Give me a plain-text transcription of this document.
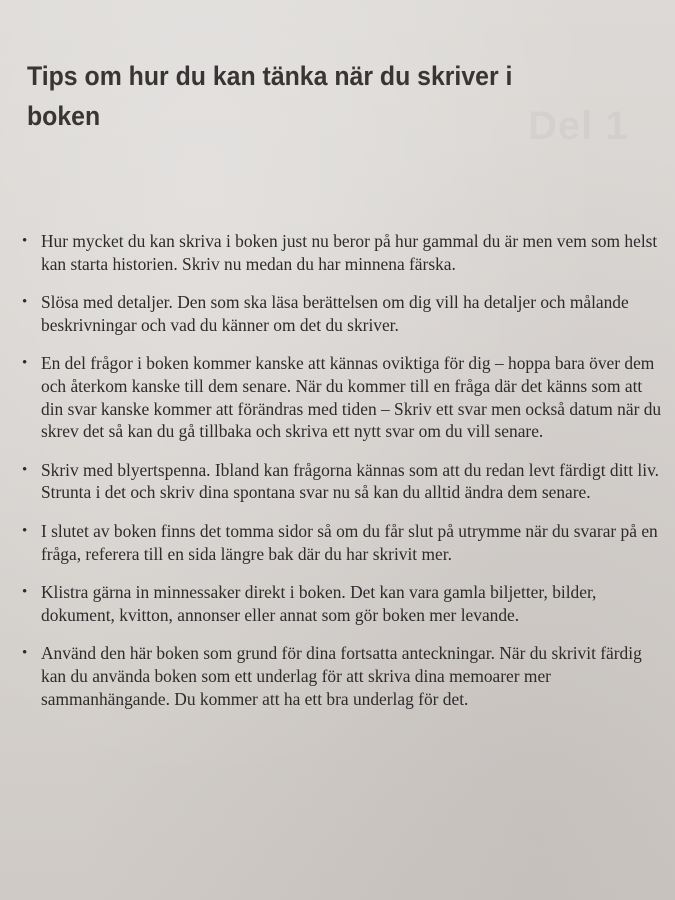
Tips om hur du kan tänka när du skriver i boken
• Hur mycket du kan skriva i boken just nu beror på hur gammal du är men vem som helst kan starta historien. Skriv nu medan du har minnena färska.
• Slösa med detaljer. Den som ska läsa berättelsen om dig vill ha detaljer och målande beskrivningar och vad du känner om det du skriver.
• En del frågor i boken kommer kanske att kännas oviktiga för dig – hoppa bara över dem och återkom kanske till dem senare. När du kommer till en fråga där det känns som att din svar kanske kommer att förändras med tiden – Skriv ett svar men också datum när du skrev det så kan du gå tillbaka och skriva ett nytt svar om du vill senare.
• Skriv med blyertspenna. Ibland kan frågorna kännas som att du redan levt färdigt ditt liv. Strunta i det och skriv dina spontana svar nu så kan du alltid ändra dem senare.
• I slutet av boken finns det tomma sidor så om du får slut på utrymme när du svarar på en fråga, referera till en sida längre bak där du har skrivit mer.
• Klistra gärna in minnessaker direkt i boken. Det kan vara gamla biljetter, bilder, dokument, kvitton, annonser eller annat som gör boken mer levande.
• Använd den här boken som grund för dina fortsatta anteckningar. När du skrivit färdig kan du använda boken som ett underlag för att skriva dina memoarer mer sammanhängande. Du kommer att ha ett bra underlag för det.
